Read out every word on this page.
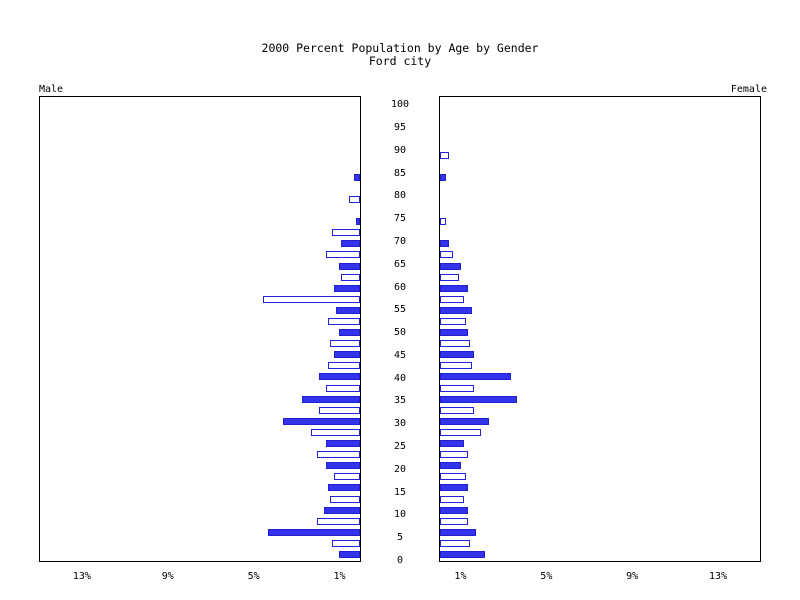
2000 Percent Population by Age by Gender
Ford city
Male	Female
0
5
10
15
20
25
30
35
40
45
50
55
60
65
70
75
80
85
90
95
100
13%	9%	5%	1%	1%	5%	9%	13%
